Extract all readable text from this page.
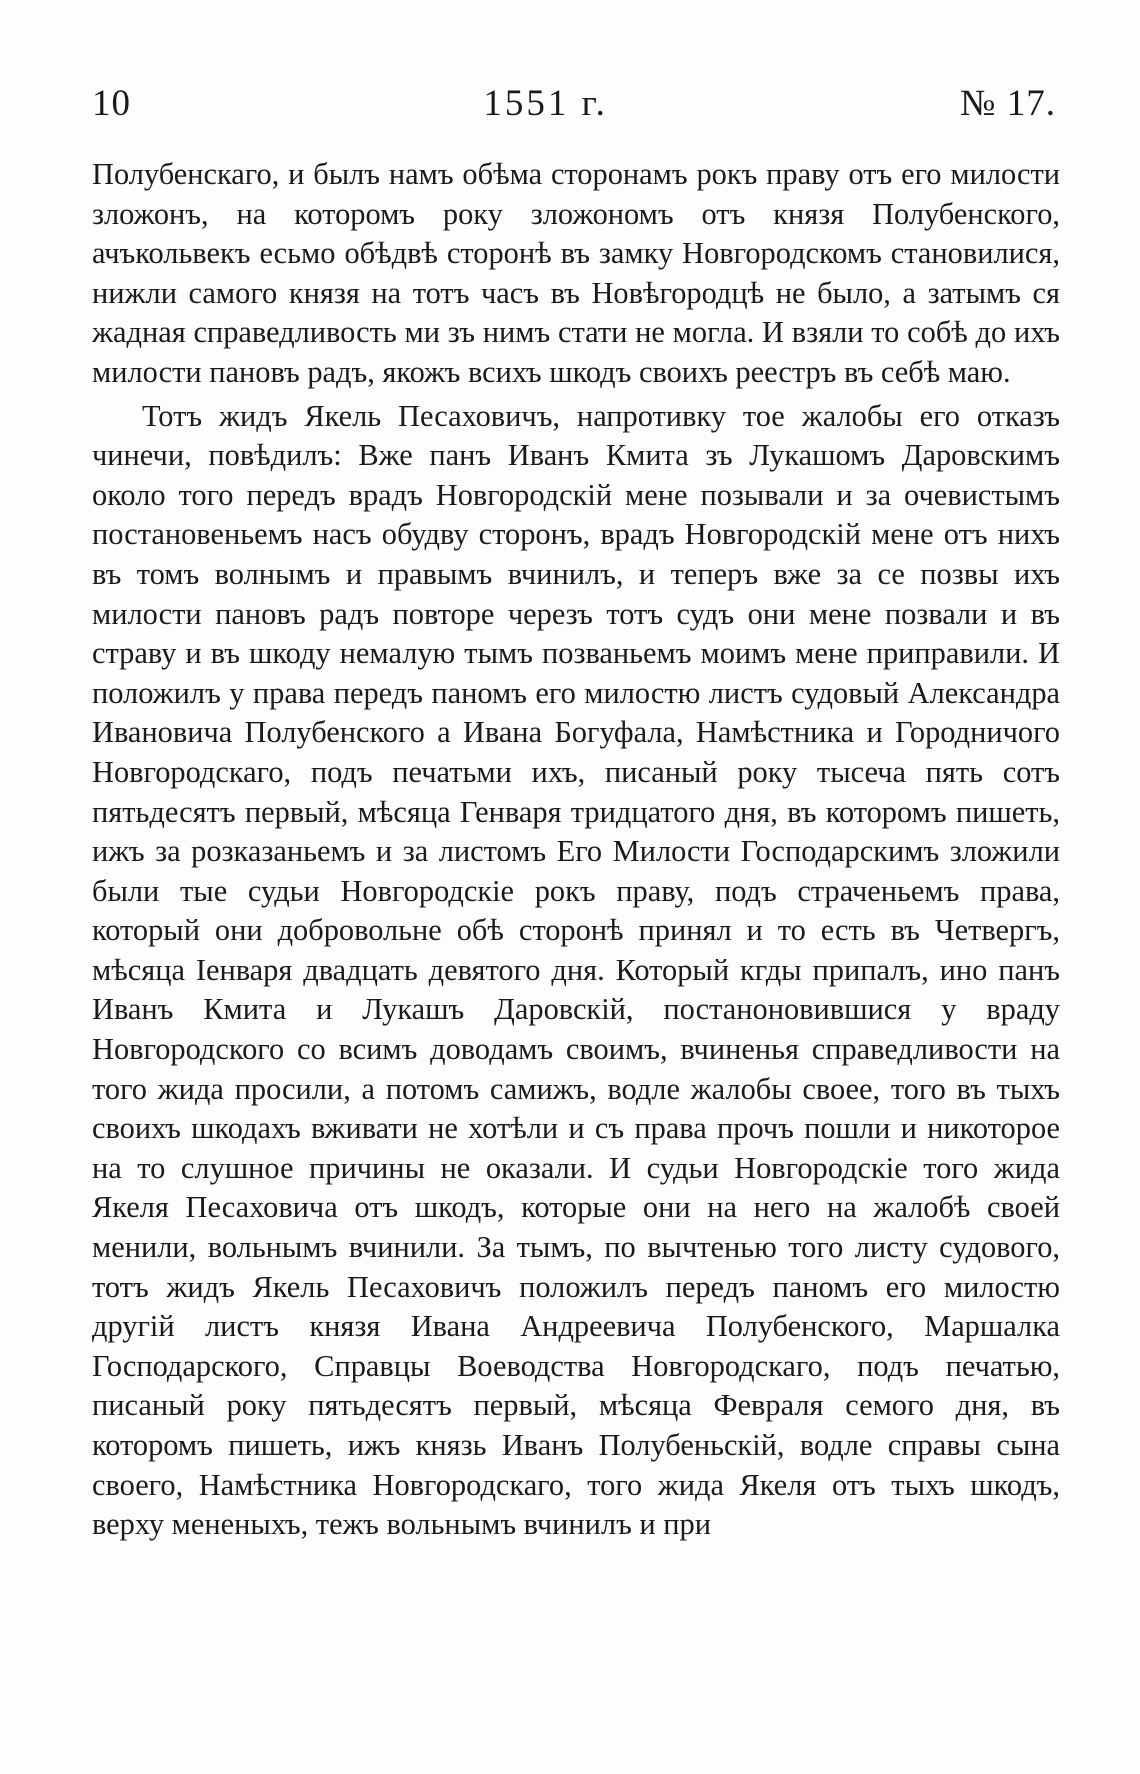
10	1551 г.	№ 17.

Полубенскаго, и былъ намъ обѣма сторонамъ рокъ праву отъ его милости зложонъ, на которомъ року зложономъ отъ князя Полубенского, ачъкольвекъ есьмо обѣдвѣ сторонѣ въ замку Новгородскомъ становилися, нижли самого князя на тотъ часъ въ Новѣгородцѣ не было, а затымъ ся жадная справедливость ми зъ нимъ стати не могла. И взяли то собѣ до ихъ милости пановъ радъ, якожъ всихъ шкодъ своихъ реестръ въ себѣ маю.

Тотъ жидъ Якель Песаховичъ, напротивку тое жалобы его отказъ чинечи, повѣдилъ: Вже панъ Иванъ Кмита зъ Лукашомъ Даровскимъ около того передъ врадъ Новгородскій мене позывали и за очевистымъ постановеньемъ насъ обудву сторонъ, врадъ Новгородскій мене отъ нихъ въ томъ волнымъ и правымъ вчинилъ, и теперъ вже за се позвы ихъ милости пановъ радъ повторе черезъ тотъ судъ они мене позвали и въ страву и въ шкоду немалую тымъ позваньемъ моимъ мене приправили. И положилъ у права передъ паномъ его милостю листъ судовый Александра Ивановича Полубенского а Ивана Богуфала, Намѣстника и Городничого Новгородскаго, подъ печатьми ихъ, писаный року тысеча пять сотъ пятьдесятъ первый, мѣсяца Генваря тридцатого дня, въ которомъ пишеть, ижъ за розказаньемъ и за листомъ Его Милости Господарскимъ зложили были тые судьи Новгородскіе рокъ праву, подъ страченьемъ права, который они добровольне обѣ сторонѣ принял и то есть въ Четвергъ, мѣсяца Іенваря двадцать девятого дня. Который кгды припалъ, ино панъ Иванъ Кмита и Лукашъ Даровскій, постаноновившися у враду Новгородского со всимъ доводамъ своимъ, вчиненья справедливости на того жида просили, а потомъ самижъ, водле жалобы своее, того въ тыхъ своихъ шкодахъ вживати не хотѣли и съ права прочъ пошли и никоторое на то слушное причины не оказали. И судьи Новгородскіе того жида Якеля Песаховича отъ шкодъ, которые они на него на жалобѣ своей менили, вольнымъ вчинили. За тымъ, по вычтенью того листу судового, тотъ жидъ Якель Песаховичъ положилъ передъ паномъ его милостю другій листъ князя Ивана Андреевича Полубенского, Маршалка Господарского, Справцы Воеводства Новгородскаго, подъ печатью, писаный року пятьдесятъ первый, мѣсяца Февраля семого дня, въ которомъ пишеть, ижъ князь Иванъ Полубеньскій, водле справы сына своего, Намѣстника Новгородскаго, того жида Якеля отъ тыхъ шкодъ, верху мененыхъ, тежъ вольнымъ вчинилъ и при
